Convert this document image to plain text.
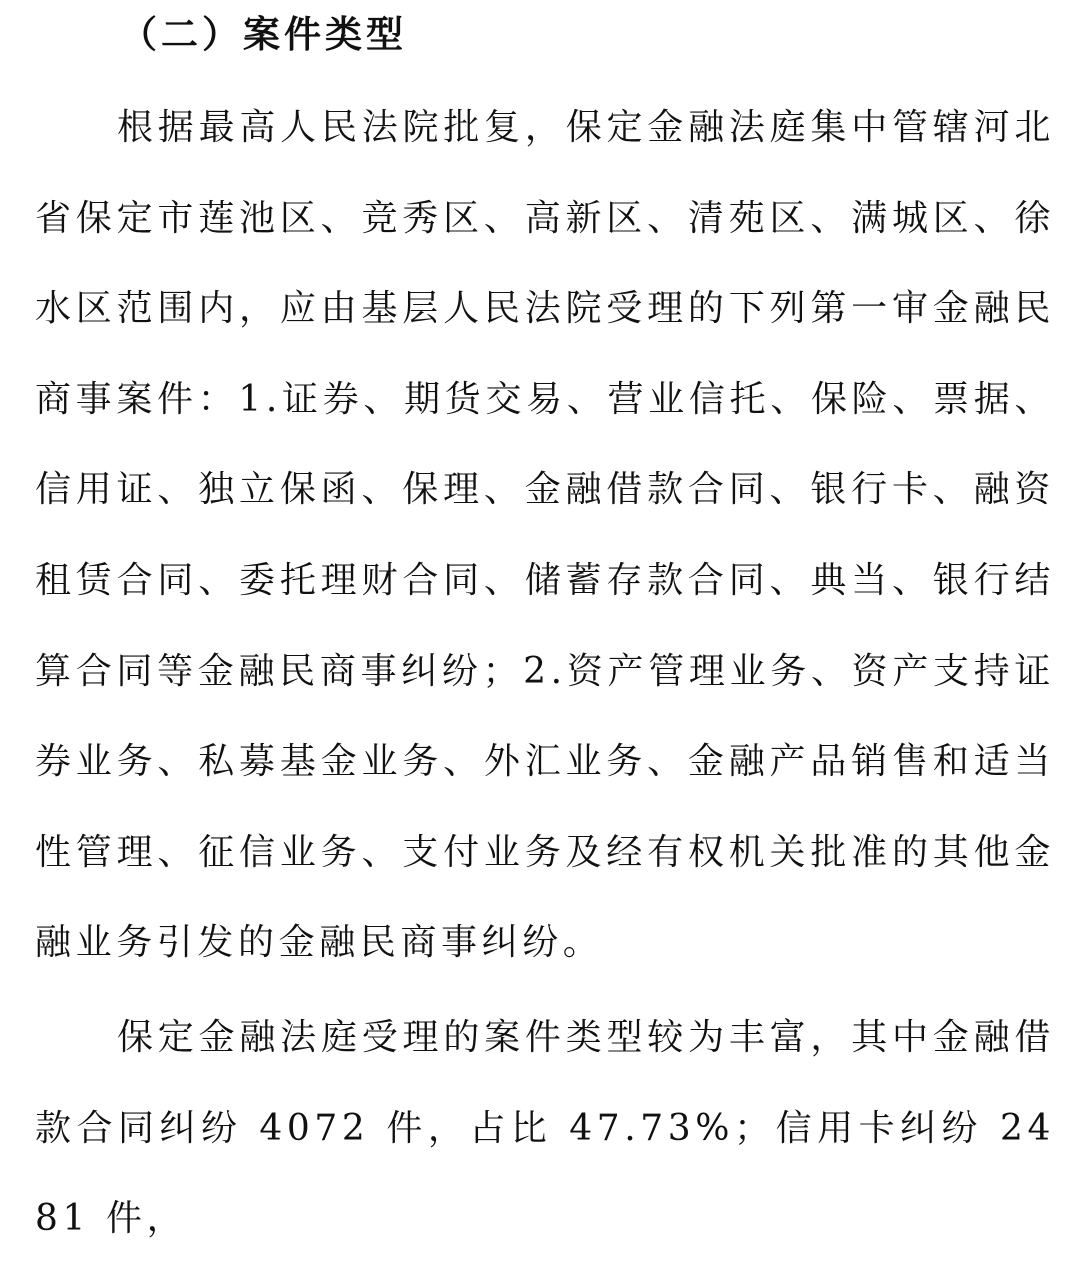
（二）案件类型
根据最高人民法院批复，保定金融法庭集中管辖河北省保定市莲池区、竞秀区、高新区、清苑区、满城区、徐水区范围内，应由基层人民法院受理的下列第一审金融民商事案件：1.证券、期货交易、营业信托、保险、票据、信用证、独立保函、保理、金融借款合同、银行卡、融资租赁合同、委托理财合同、储蓄存款合同、典当、银行结算合同等金融民商事纠纷；2.资产管理业务、资产支持证券业务、私募基金业务、外汇业务、金融产品销售和适当性管理、征信业务、支付业务及经有权机关批准的其他金融业务引发的金融民商事纠纷。
保定金融法庭受理的案件类型较为丰富，其中金融借款合同纠纷 4072 件，占比 47.73%；信用卡纠纷 2481 件，
